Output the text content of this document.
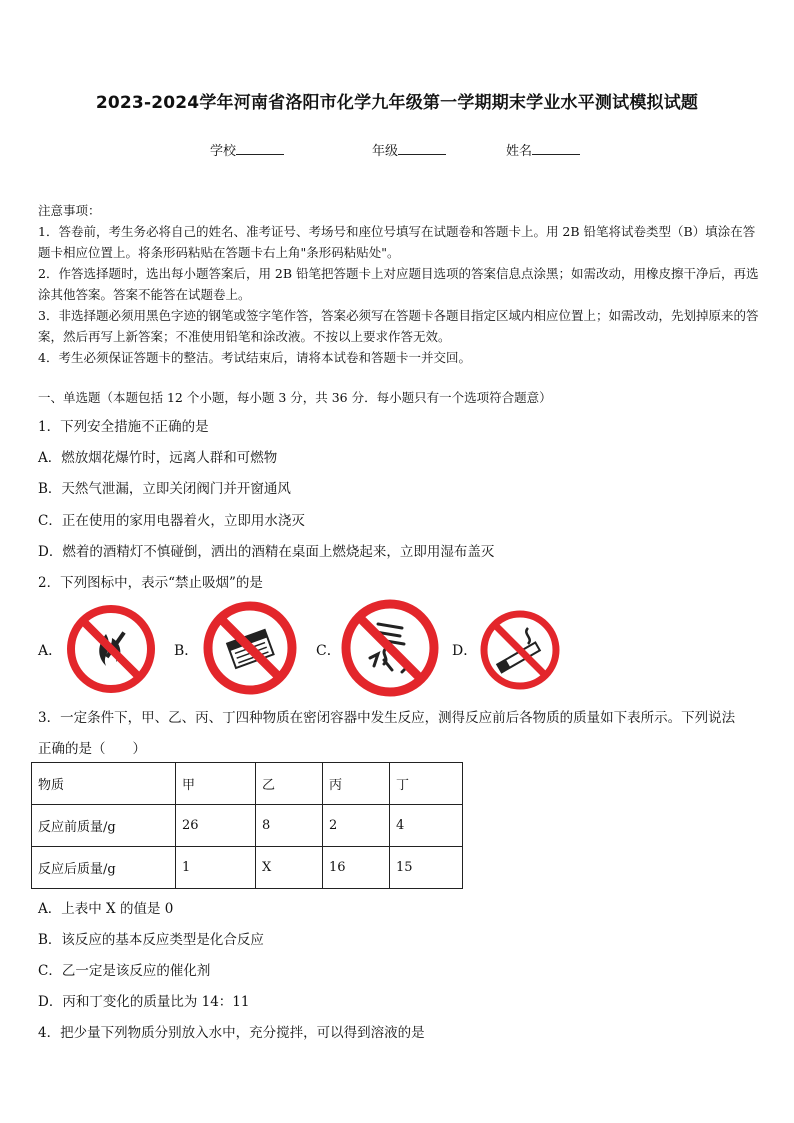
2023-2024学年河南省洛阳市化学九年级第一学期期末学业水平测试模拟试题
学校	年级	姓名
注意事项：
1．答卷前，考生务必将自己的姓名、准考证号、考场号和座位号填写在试题卷和答题卡上。用 2B 铅笔将试卷类型（B）填涂在答题卡相应位置上。将条形码粘贴在答题卡右上角"条形码粘贴处"。
2．作答选择题时，选出每小题答案后，用 2B 铅笔把答题卡上对应题目选项的答案信息点涂黑；如需改动，用橡皮擦干净后，再选涂其他答案。答案不能答在试题卷上。
3．非选择题必须用黑色字迹的钢笔或签字笔作答，答案必须写在答题卡各题目指定区域内相应位置上；如需改动，先划掉原来的答案，然后再写上新答案；不准使用铅笔和涂改液。不按以上要求作答无效。
4．考生必须保证答题卡的整洁。考试结束后，请将本试卷和答题卡一并交回。
一、单选题（本题包括 12 个小题，每小题 3 分，共 36 分．每小题只有一个选项符合题意）
1．下列安全措施不正确的是
A．燃放烟花爆竹时，远离人群和可燃物
B．天然气泄漏，立即关闭阀门并开窗通风
C．正在使用的家用电器着火，立即用水浇灭
D．燃着的酒精灯不慎碰倒，洒出的酒精在桌面上燃烧起来，立即用湿布盖灭
2．下列图标中，表示“禁止吸烟”的是
A．	B．	C．	D．
3．一定条件下，甲、乙、丙、丁四种物质在密闭容器中发生反应，测得反应前后各物质的质量如下表所示。下列说法
正确的是（　　）
物质	甲	乙	丙	丁
反应前质量/g	26	8	2	4
反应后质量/g	1	X	16	15
A．上表中 X 的值是 0
B．该反应的基本反应类型是化合反应
C．乙一定是该反应的催化剂
D．丙和丁变化的质量比为 14：11
4．把少量下列物质分别放入水中，充分搅拌，可以得到溶液的是
